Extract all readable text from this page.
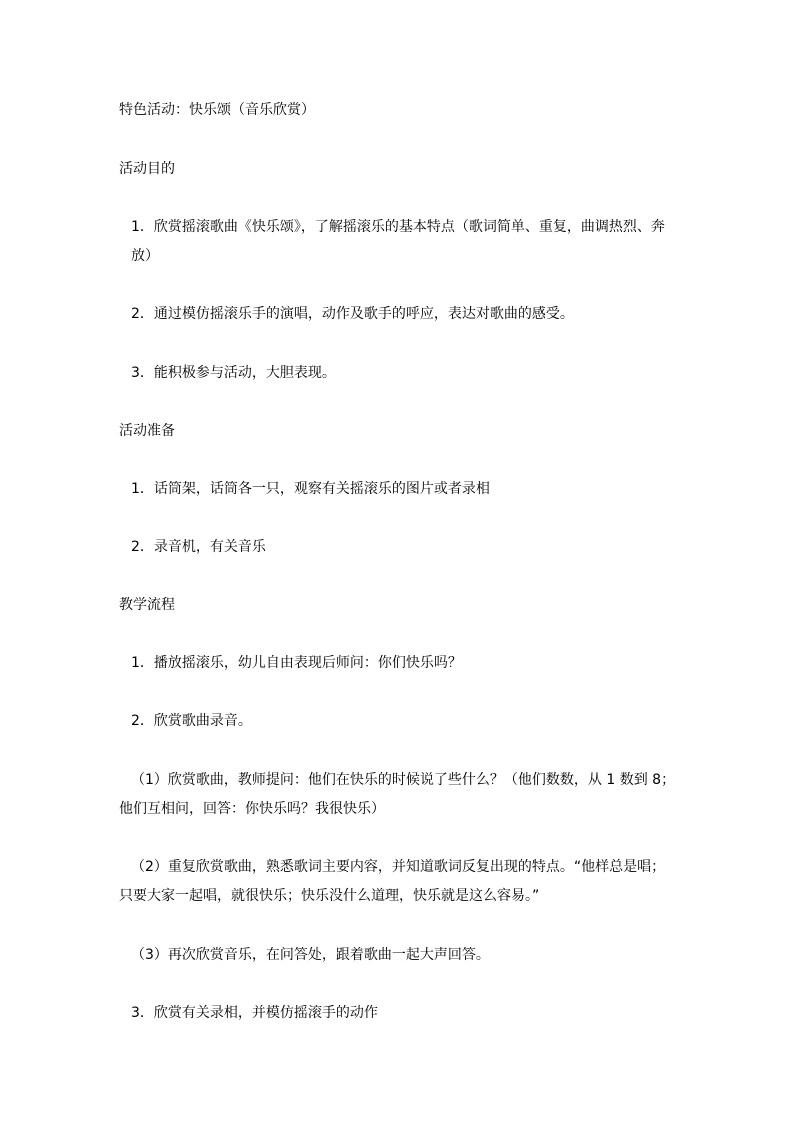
特色活动：快乐颂（音乐欣赏）
活动目的
1．欣赏摇滚歌曲《快乐颂》，了解摇滚乐的基本特点（歌词简单、重复，曲调热烈、奔放）
2．通过模仿摇滚乐手的演唱，动作及歌手的呼应，表达对歌曲的感受。
3．能积极参与活动，大胆表现。
活动准备
1．话筒架，话筒各一只，观察有关摇滚乐的图片或者录相
2．录音机，有关音乐
教学流程
1．播放摇滚乐，幼儿自由表现后师问：你们快乐吗？
2．欣赏歌曲录音。
（1）欣赏歌曲，教师提问：他们在快乐的时候说了些什么？（他们数数，从 1 数到 8；他们互相问，回答：你快乐吗？我很快乐）
（2）重复欣赏歌曲，熟悉歌词主要内容，并知道歌词反复出现的特点。“他样总是唱；只要大家一起唱，就很快乐；快乐没什么道理，快乐就是这么容易。”
（3）再次欣赏音乐，在问答处，跟着歌曲一起大声回答。
3．欣赏有关录相，并模仿摇滚手的动作
